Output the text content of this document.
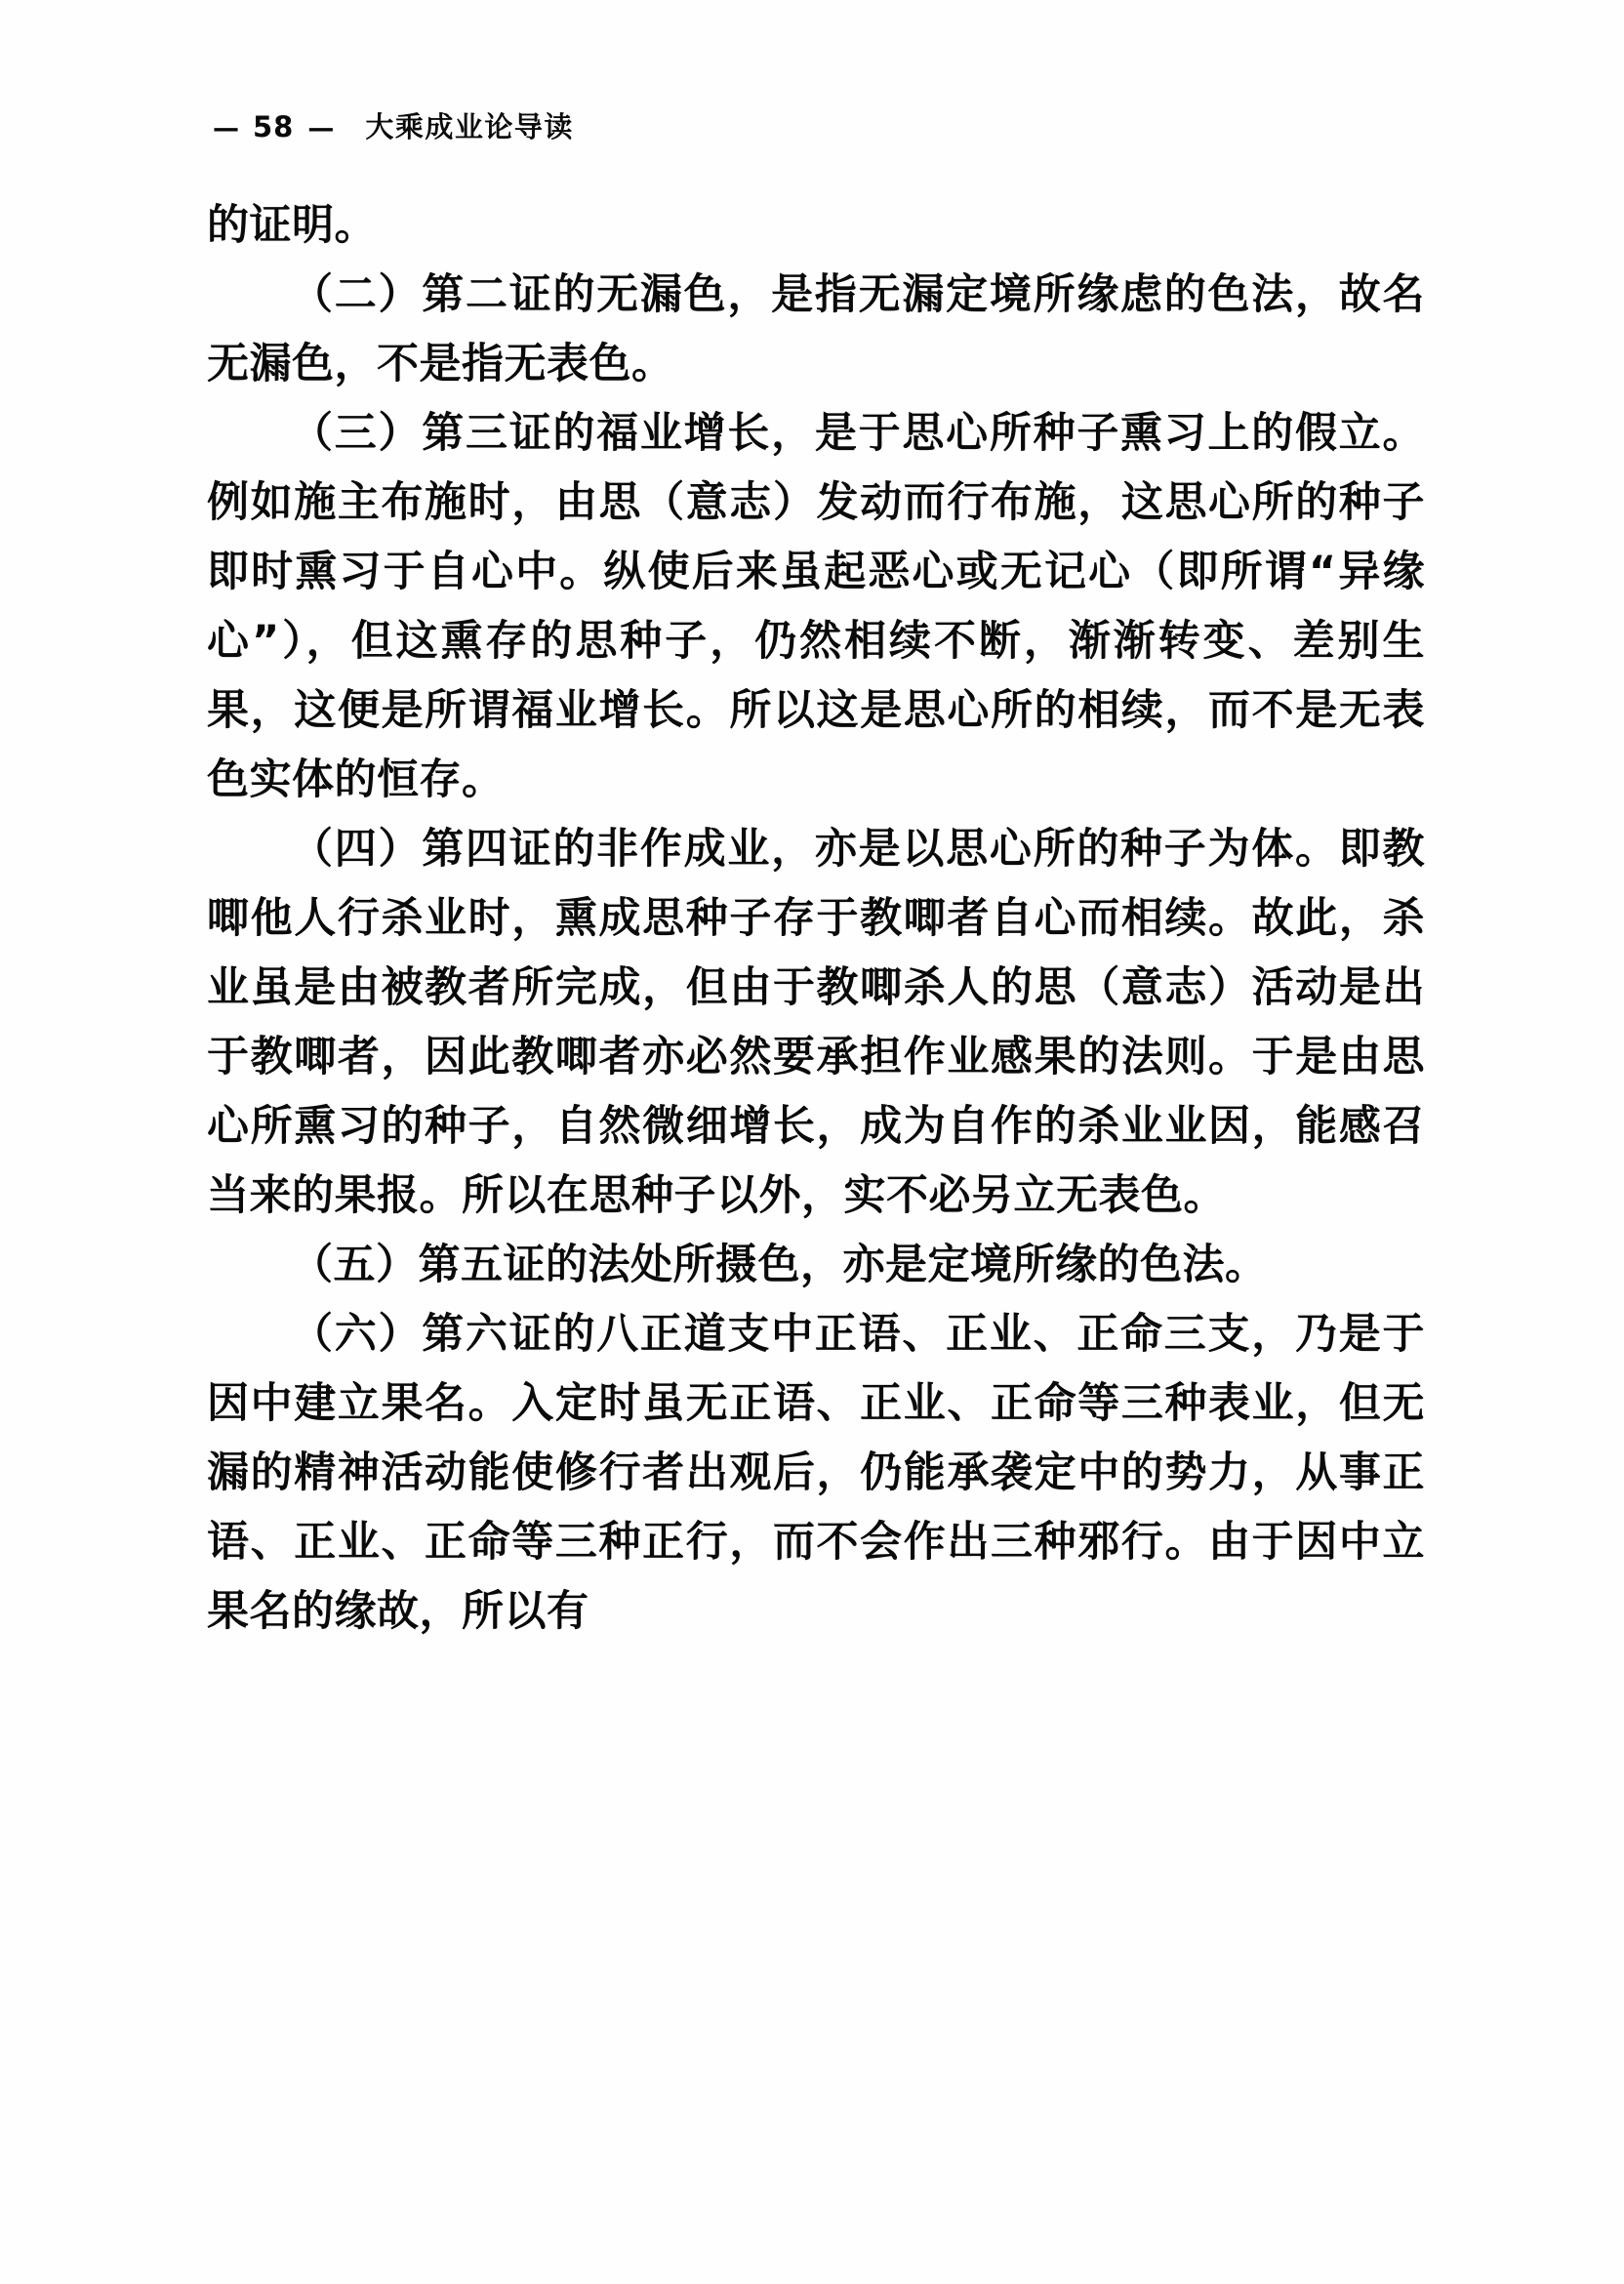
— 58 —	大乘成业论导读

的证明。

（二）第二证的无漏色，是指无漏定境所缘虑的色法，故名无漏色，不是指无表色。

（三）第三证的福业增长，是于思心所种子熏习上的假立。例如施主布施时，由思（意志）发动而行布施，这思心所的种子即时熏习于自心中。纵使后来虽起恶心或无记心（即所谓“异缘心”），但这熏存的思种子，仍然相续不断，渐渐转变、差别生果，这便是所谓福业增长。所以这是思心所的相续，而不是无表色实体的恒存。

（四）第四证的非作成业，亦是以思心所的种子为体。即教唧他人行杀业时，熏成思种子存于教唧者自心而相续。故此，杀业虽是由被教者所完成，但由于教唧杀人的思（意志）活动是出于教唧者，因此教唧者亦必然要承担作业感果的法则。于是由思心所熏习的种子，自然微细增长，成为自作的杀业业因，能感召当来的果报。所以在思种子以外，实不必另立无表色。

（五）第五证的法处所摄色，亦是定境所缘的色法。

（六）第六证的八正道支中正语、正业、正命三支，乃是于因中建立果名。入定时虽无正语、正业、正命等三种表业，但无漏的精神活动能使修行者出观后，仍能承袭定中的势力，从事正语、正业、正命等三种正行，而不会作出三种邪行。由于因中立果名的缘故，所以有
